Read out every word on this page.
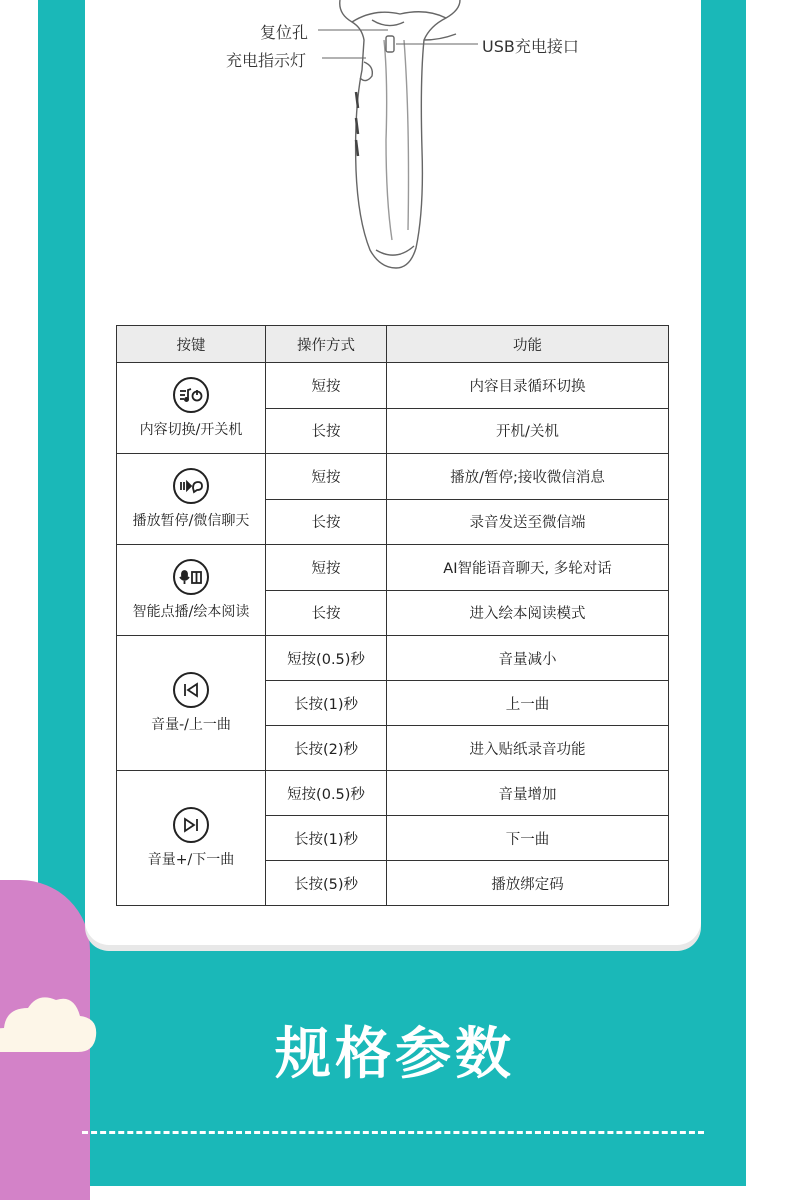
复位孔
充电指示灯
USB充电接口
按键	操作方式	功能

内容切换/开关机	短按	内容目录循环切换
	长按	开机/关机

播放暂停/微信聊天	短按	播放/暂停;接收微信消息
	长按	录音发送至微信端

智能点播/绘本阅读	短按	AI智能语音聊天, 多轮对话
	长按	进入绘本阅读模式

音量-/上一曲	短按(0.5)秒	音量减小
	长按(1)秒	上一曲
	长按(2)秒	进入贴纸录音功能

音量+/下一曲	短按(0.5)秒	音量增加
	长按(1)秒	下一曲
	长按(5)秒	播放绑定码
规格参数
